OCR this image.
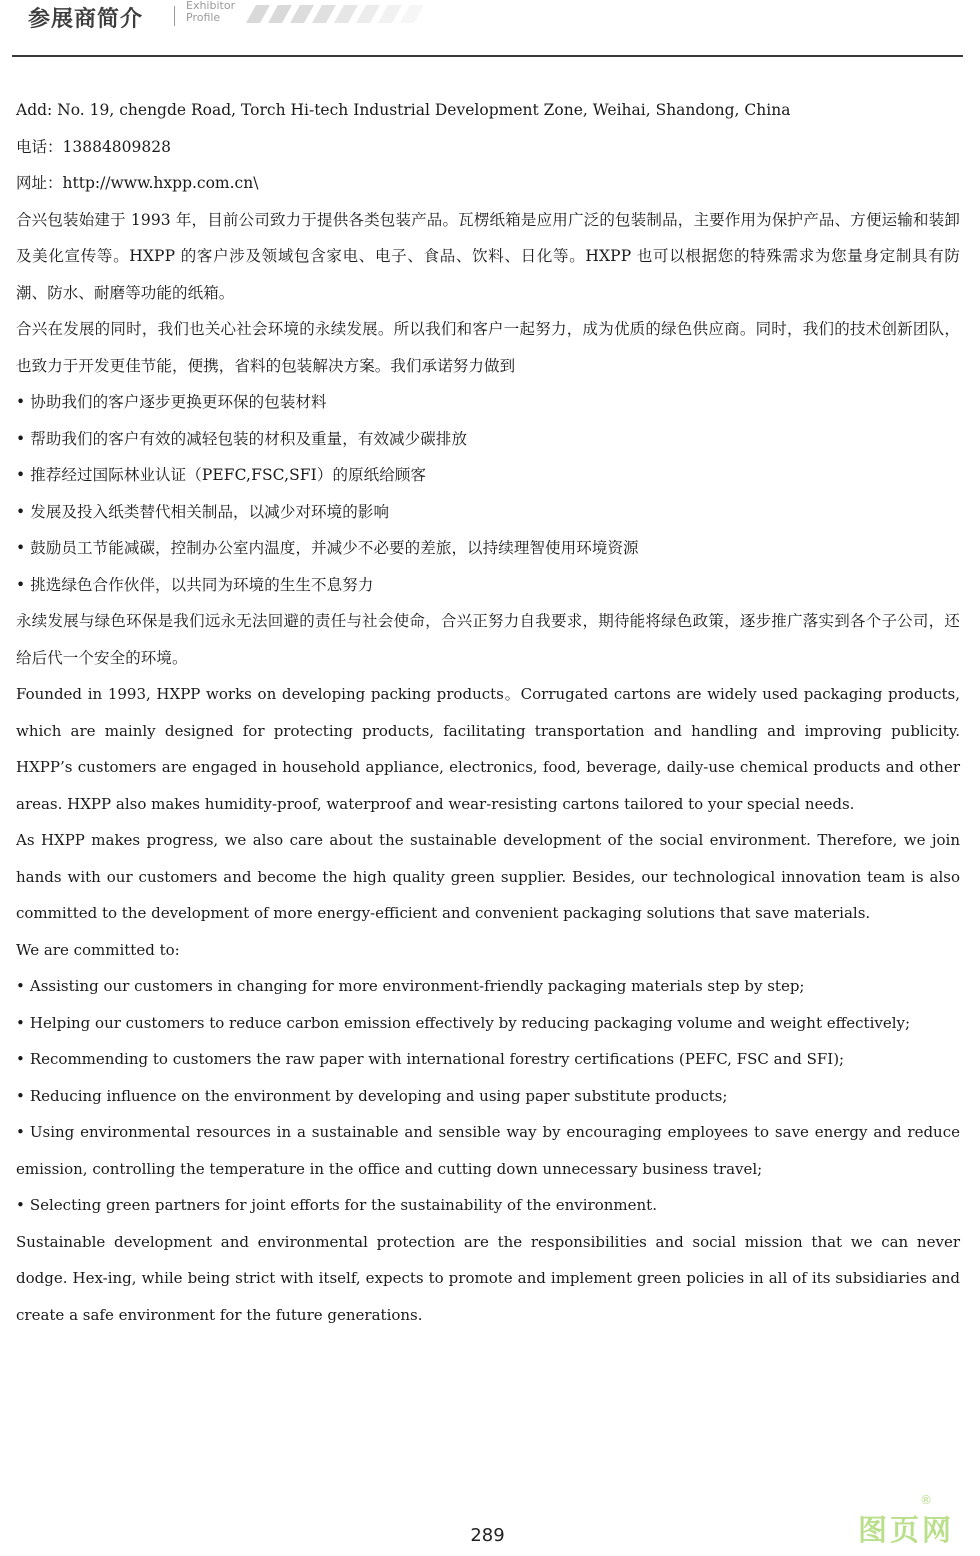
参展商简介
Exhibitor
Profile

Add: No. 19, chengde Road, Torch Hi-tech Industrial Development Zone, Weihai, Shandong, China

电话：13884809828

网址：http://www.hxpp.com.cn\

合兴包装始建于 1993 年，目前公司致力于提供各类包装产品。瓦楞纸箱是应用广泛的包装制品，主要作用为保护产品、方便运输和装卸及美化宣传等。HXPP 的客户涉及领域包含家电、电子、食品、饮料、日化等。HXPP 也可以根据您的特殊需求为您量身定制具有防潮、防水、耐磨等功能的纸箱。

合兴在发展的同时，我们也关心社会环境的永续发展。所以我们和客户一起努力，成为优质的绿色供应商。同时，我们的技术创新团队，也致力于开发更佳节能，便携，省料的包装解决方案。我们承诺努力做到

• 协助我们的客户逐步更换更环保的包装材料

• 帮助我们的客户有效的减轻包装的材积及重量，有效减少碳排放

• 推荐经过国际林业认证（PEFC,FSC,SFI）的原纸给顾客

• 发展及投入纸类替代相关制品，以减少对环境的影响

• 鼓励员工节能减碳，控制办公室内温度，并减少不必要的差旅，以持续理智使用环境资源

• 挑选绿色合作伙伴，以共同为环境的生生不息努力

永续发展与绿色环保是我们远永无法回避的责任与社会使命，合兴正努力自我要求，期待能将绿色政策，逐步推广落实到各个子公司，还给后代一个安全的环境。

Founded in 1993, HXPP works on developing packing products。Corrugated cartons are widely used packaging products, which are mainly designed for protecting products, facilitating transportation and handling and improving publicity. HXPP’s customers are engaged in household appliance, electronics, food, beverage, daily-use chemical products and other areas. HXPP also makes humidity-proof, waterproof and wear-resisting cartons tailored to your special needs.

As HXPP makes progress, we also care about the sustainable development of the social environment. Therefore, we join hands with our customers and become the high quality green supplier. Besides, our technological innovation team is also committed to the development of more energy-efficient and convenient packaging solutions that save materials.

We are committed to:

• Assisting our customers in changing for more environment-friendly packaging materials step by step;

• Helping our customers to reduce carbon emission effectively by reducing packaging volume and weight effectively;

• Recommending to customers the raw paper with international forestry certifications (PEFC, FSC and SFI);

• Reducing influence on the environment by developing and using paper substitute products;

• Using environmental resources in a sustainable and sensible way by encouraging employees to save energy and reduce emission, controlling the temperature in the office and cutting down unnecessary business travel;

• Selecting green partners for joint efforts for the sustainability of the environment.

Sustainable development and environmental protection are the responsibilities and social mission that we can never dodge. Hex-ing, while being strict with itself, expects to promote and implement green policies in all of its subsidiaries and create a safe environment for the future generations.

289	图页网
®
